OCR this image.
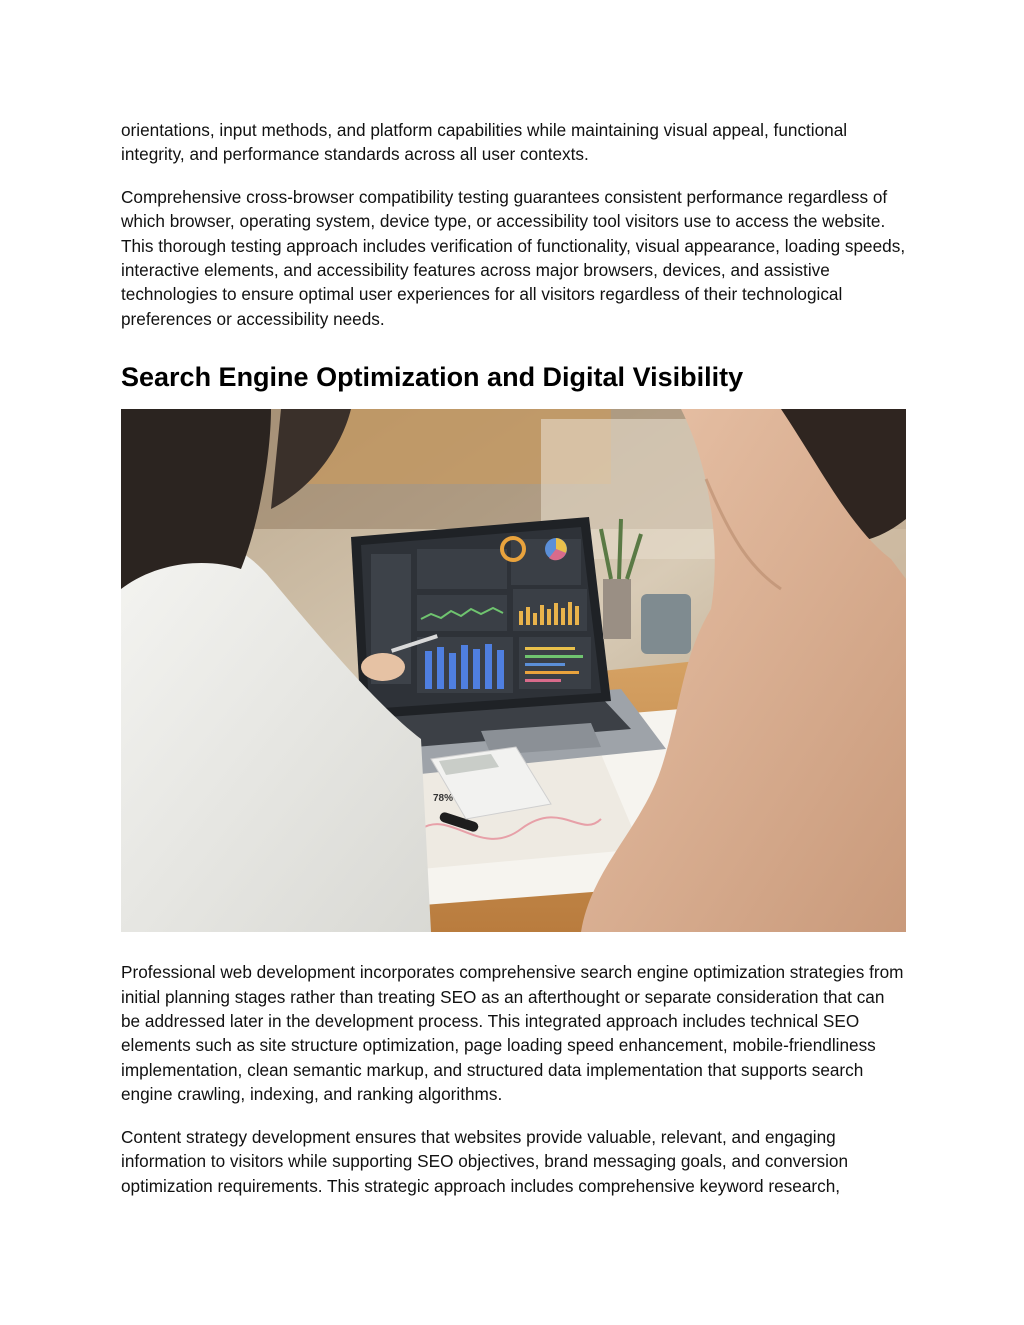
orientations, input methods, and platform capabilities while maintaining visual appeal, functional integrity, and performance standards across all user contexts.

Comprehensive cross-browser compatibility testing guarantees consistent performance regardless of which browser, operating system, device type, or accessibility tool visitors use to access the website. This thorough testing approach includes verification of functionality, visual appearance, loading speeds, interactive elements, and accessibility features across major browsers, devices, and assistive technologies to ensure optimal user experiences for all visitors regardless of their technological preferences or accessibility needs.

Search Engine Optimization and Digital Visibility
78%

Professional web development incorporates comprehensive search engine optimization strategies from initial planning stages rather than treating SEO as an afterthought or separate consideration that can be addressed later in the development process. This integrated approach includes technical SEO elements such as site structure optimization, page loading speed enhancement, mobile-friendliness implementation, clean semantic markup, and structured data implementation that supports search engine crawling, indexing, and ranking algorithms.

Content strategy development ensures that websites provide valuable, relevant, and engaging information to visitors while supporting SEO objectives, brand messaging goals, and conversion optimization requirements. This strategic approach includes comprehensive keyword research,
